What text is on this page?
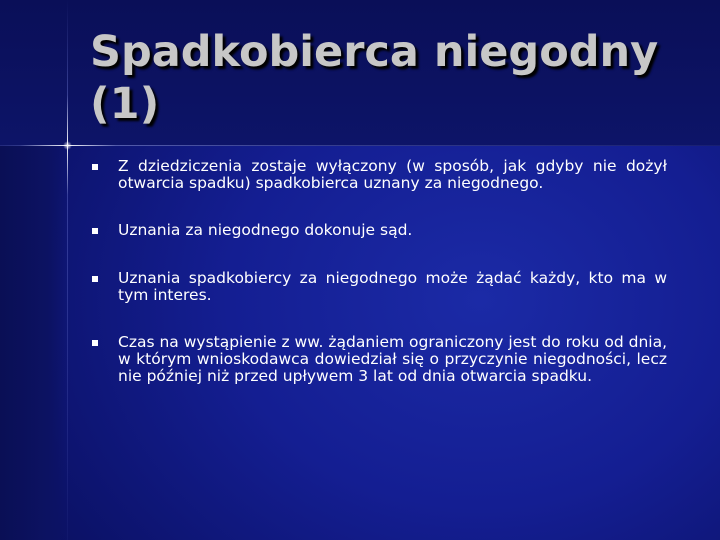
Spadkobierca niegodny (1)
Z dziedziczenia zostaje wyłączony (w sposób, jak gdyby nie dożył otwarcia spadku) spadkobierca uznany za niegodnego.
Uznania za niegodnego dokonuje sąd.
Uznania spadkobiercy za niegodnego może żądać każdy, kto ma w tym interes.
Czas na wystąpienie z ww. żądaniem ograniczony jest do roku od dnia, w którym wnioskodawca dowiedział się o przyczynie niegodności, lecz nie później niż przed upływem 3 lat od dnia otwarcia spadku.
